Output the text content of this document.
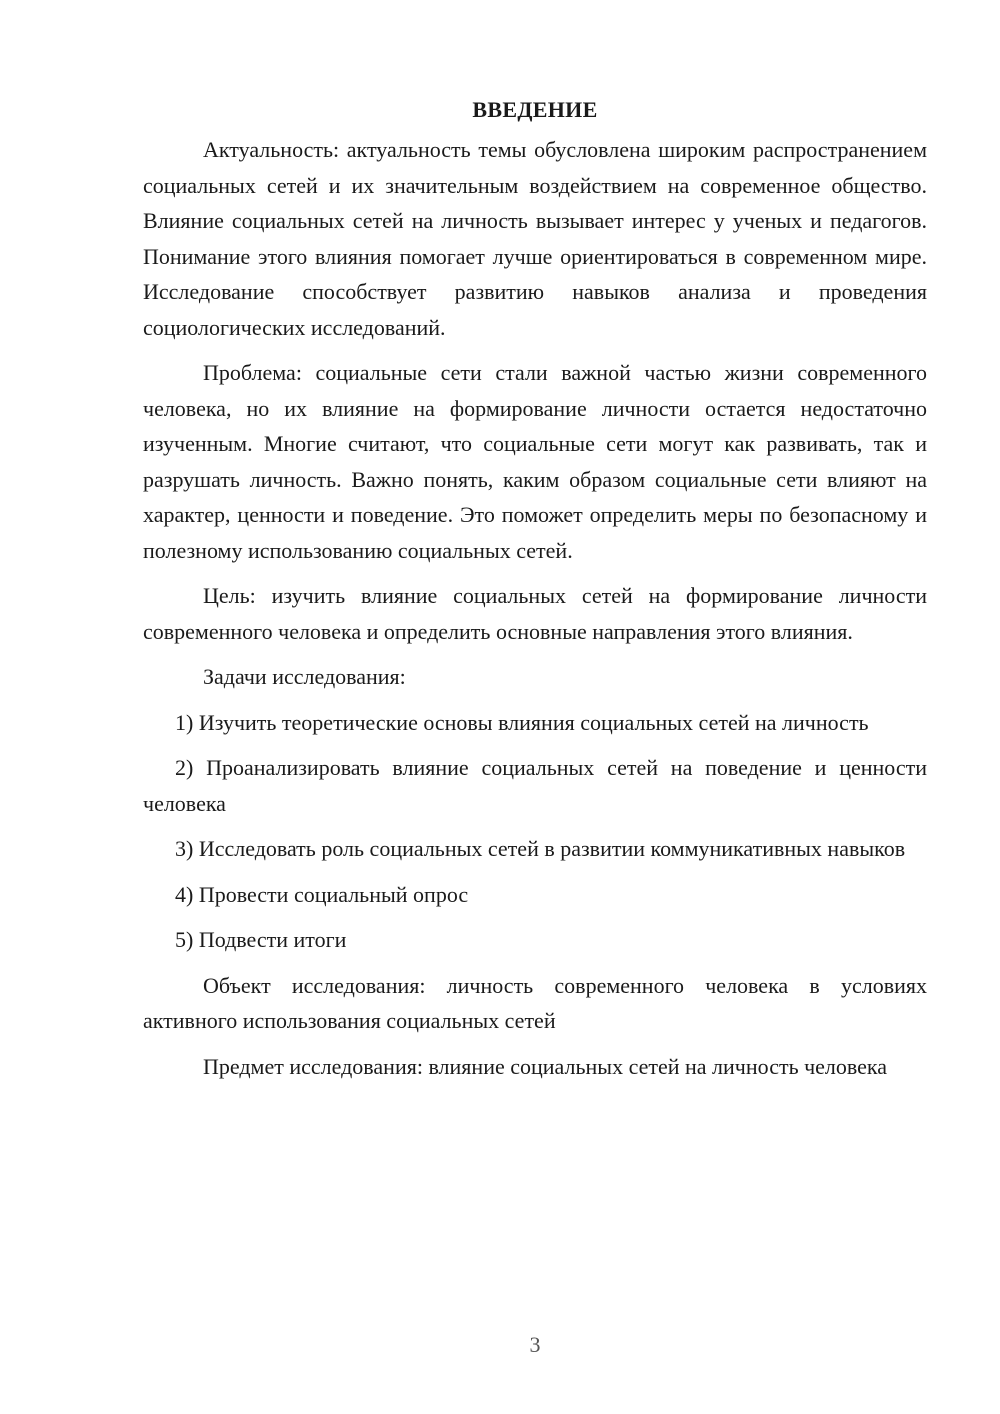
ВВЕДЕНИЕ

Актуальность: актуальность темы обусловлена широким распространением социальных сетей и их значительным воздействием на современное общество. Влияние социальных сетей на личность вызывает интерес у ученых и педагогов. Понимание этого влияния помогает лучше ориентироваться в современном мире. Исследование способствует развитию навыков анализа и проведения социологических исследований.

Проблема: социальные сети стали важной частью жизни современного человека, но их влияние на формирование личности остается недостаточно изученным. Многие считают, что социальные сети могут как развивать, так и разрушать личность. Важно понять, каким образом социальные сети влияют на характер, ценности и поведение. Это поможет определить меры по безопасному и полезному использованию социальных сетей.

Цель: изучить влияние социальных сетей на формирование личности современного человека и определить основные направления этого влияния.

Задачи исследования:

1) Изучить теоретические основы влияния социальных сетей на личность

2) Проанализировать влияние социальных сетей на поведение и ценности человека

3) Исследовать роль социальных сетей в развитии коммуникативных навыков

4) Провести социальный опрос

5) Подвести итоги

Объект исследования: личность современного человека в условиях активного использования социальных сетей

Предмет исследования: влияние социальных сетей на личность человека

3
